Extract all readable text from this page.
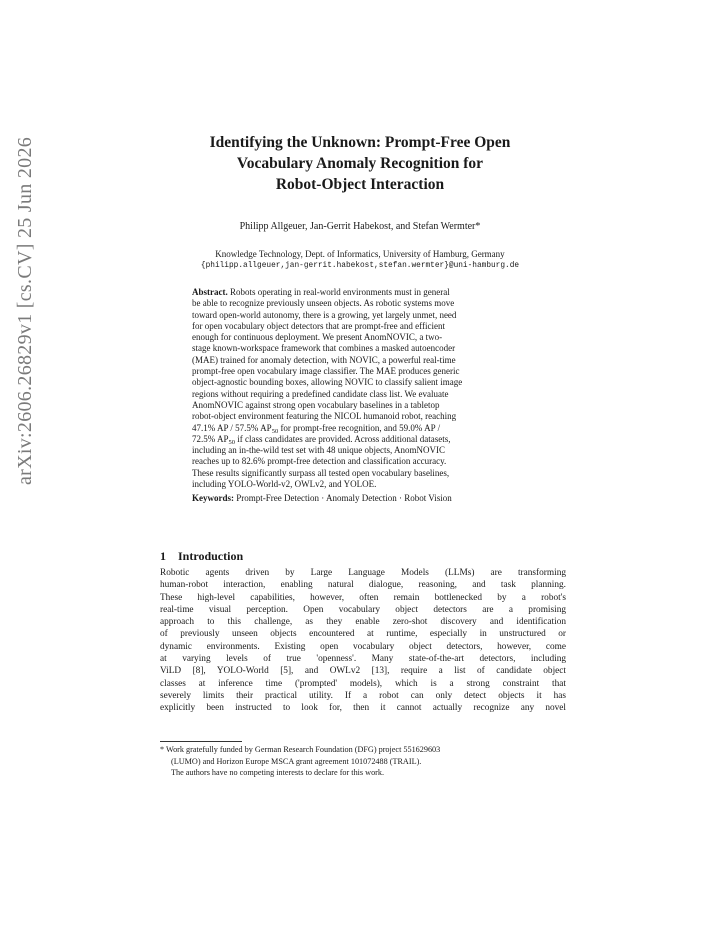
arXiv:2606.26829v1 [cs.CV] 25 Jun 2026	Identifying the Unknown: Prompt-Free Open
Vocabulary Anomaly Recognition for
Robot-Object Interaction
Philipp Allgeuer, Jan-Gerrit Habekost, and Stefan Wermter*
Knowledge Technology, Dept. of Informatics, University of Hamburg, Germany
{philipp.allgeuer,jan-gerrit.habekost,stefan.wermter}@uni-hamburg.de
Abstract. Robots operating in real-world environments must in general
be able to recognize previously unseen objects. As robotic systems move
toward open-world autonomy, there is a growing, yet largely unmet, need
for open vocabulary object detectors that are prompt-free and efficient
enough for continuous deployment. We present AnomNOVIC, a two-
stage known-workspace framework that combines a masked autoencoder
(MAE) trained for anomaly detection, with NOVIC, a powerful real-time
prompt-free open vocabulary image classifier. The MAE produces generic
object-agnostic bounding boxes, allowing NOVIC to classify salient image
regions without requiring a predefined candidate class list. We evaluate
AnomNOVIC against strong open vocabulary baselines in a tabletop
robot-object environment featuring the NICOL humanoid robot, reaching
47.1% AP / 57.5% $AP_{50}$ for prompt-free recognition, and 59.0% AP /
72.5% $AP_{50}$ if class candidates are provided. Across additional datasets,
including an in-the-wild test set with 48 unique objects, AnomNOVIC
reaches up to 82.6% prompt-free detection and classification accuracy.
These results significantly surpass all tested open vocabulary baselines,
including YOLO-World-v2, OWLv2, and YOLOE.
Keywords: Prompt-Free Detection · Anomaly Detection · Robot Vision
1 Introduction
Robotic agents driven by Large Language Models (LLMs) are transforming
human-robot interaction, enabling natural dialogue, reasoning, and task planning.
These high-level capabilities, however, often remain bottlenecked by a robot's
real-time visual perception. Open vocabulary object detectors are a promising
approach to this challenge, as they enable zero-shot discovery and identification
of previously unseen objects encountered at runtime, especially in unstructured or
dynamic environments. Existing open vocabulary object detectors, however, come
at varying levels of true 'openness'. Many state-of-the-art detectors, including
ViLD [8], YOLO-World [5], and OWLv2 [13], require a list of candidate object
classes at inference time ('prompted' models), which is a strong constraint that
severely limits their practical utility. If a robot can only detect objects it has
explicitly been instructed to look for, then it cannot actually recognize any novel
* Work gratefully funded by German Research Foundation (DFG) project 551629603
(LUMO) and Horizon Europe MSCA grant agreement 101072488 (TRAIL).
The authors have no competing interests to declare for this work.
